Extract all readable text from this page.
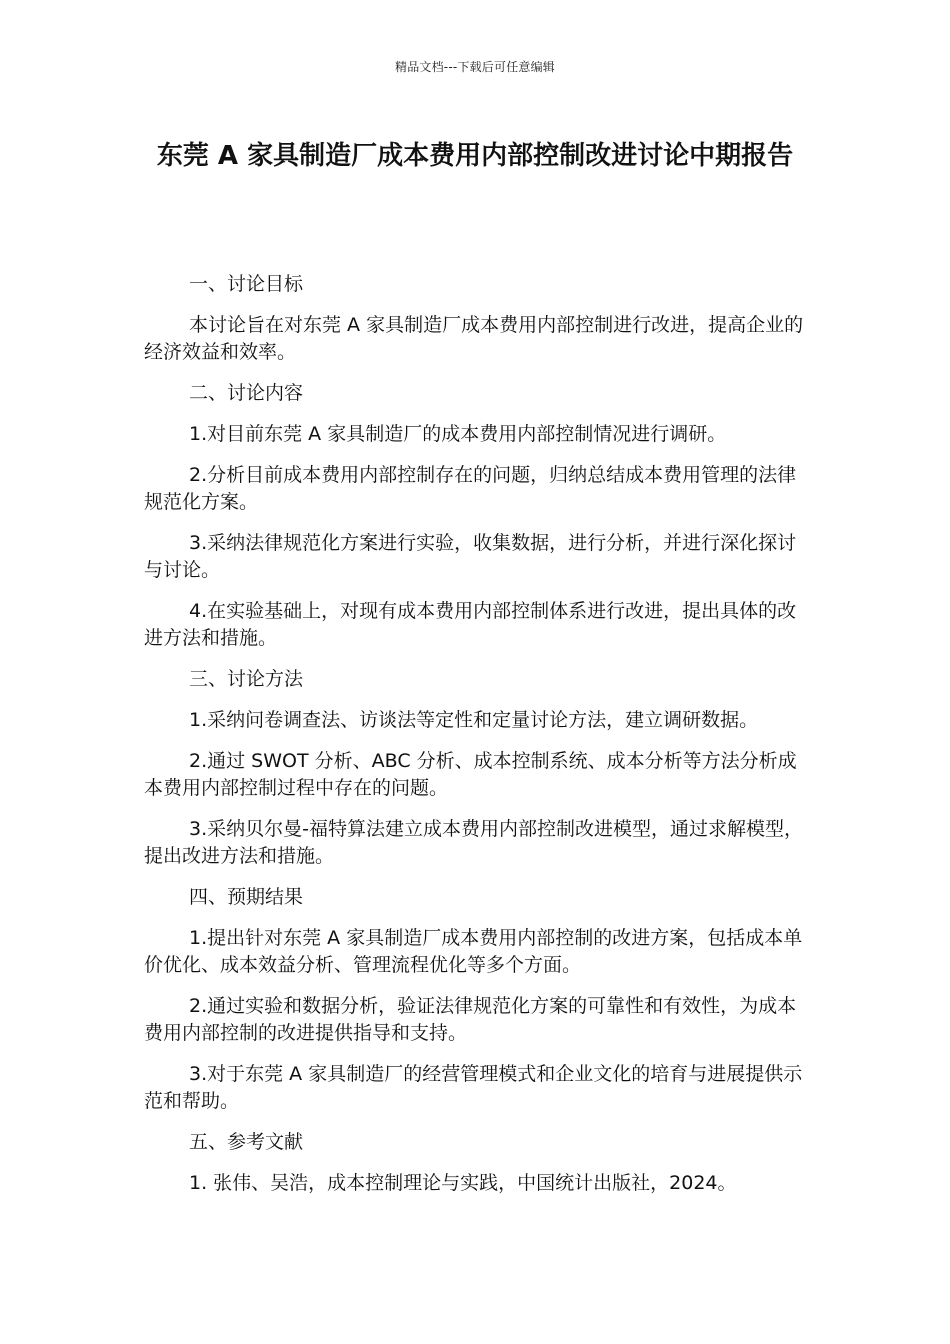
精品文档---下载后可任意编辑
东莞 A 家具制造厂成本费用内部控制改进讨论中期报告

一、讨论目标

本讨论旨在对东莞 A 家具制造厂成本费用内部控制进行改进，提高企业的经济效益和效率。

二、讨论内容

1.对目前东莞 A 家具制造厂的成本费用内部控制情况进行调研。

2.分析目前成本费用内部控制存在的问题，归纳总结成本费用管理的法律规范化方案。

3.采纳法律规范化方案进行实验，收集数据，进行分析，并进行深化探讨与讨论。

4.在实验基础上，对现有成本费用内部控制体系进行改进，提出具体的改进方法和措施。

三、讨论方法

1.采纳问卷调查法、访谈法等定性和定量讨论方法，建立调研数据。

2.通过 SWOT 分析、ABC 分析、成本控制系统、成本分析等方法分析成本费用内部控制过程中存在的问题。

3.采纳贝尔曼-福特算法建立成本费用内部控制改进模型，通过求解模型，提出改进方法和措施。

四、预期结果

1.提出针对东莞 A 家具制造厂成本费用内部控制的改进方案，包括成本单价优化、成本效益分析、管理流程优化等多个方面。

2.通过实验和数据分析，验证法律规范化方案的可靠性和有效性，为成本费用内部控制的改进提供指导和支持。

3.对于东莞 A 家具制造厂的经营管理模式和企业文化的培育与进展提供示范和帮助。

五、参考文献

1. 张伟、吴浩，成本控制理论与实践，中国统计出版社，2024。
